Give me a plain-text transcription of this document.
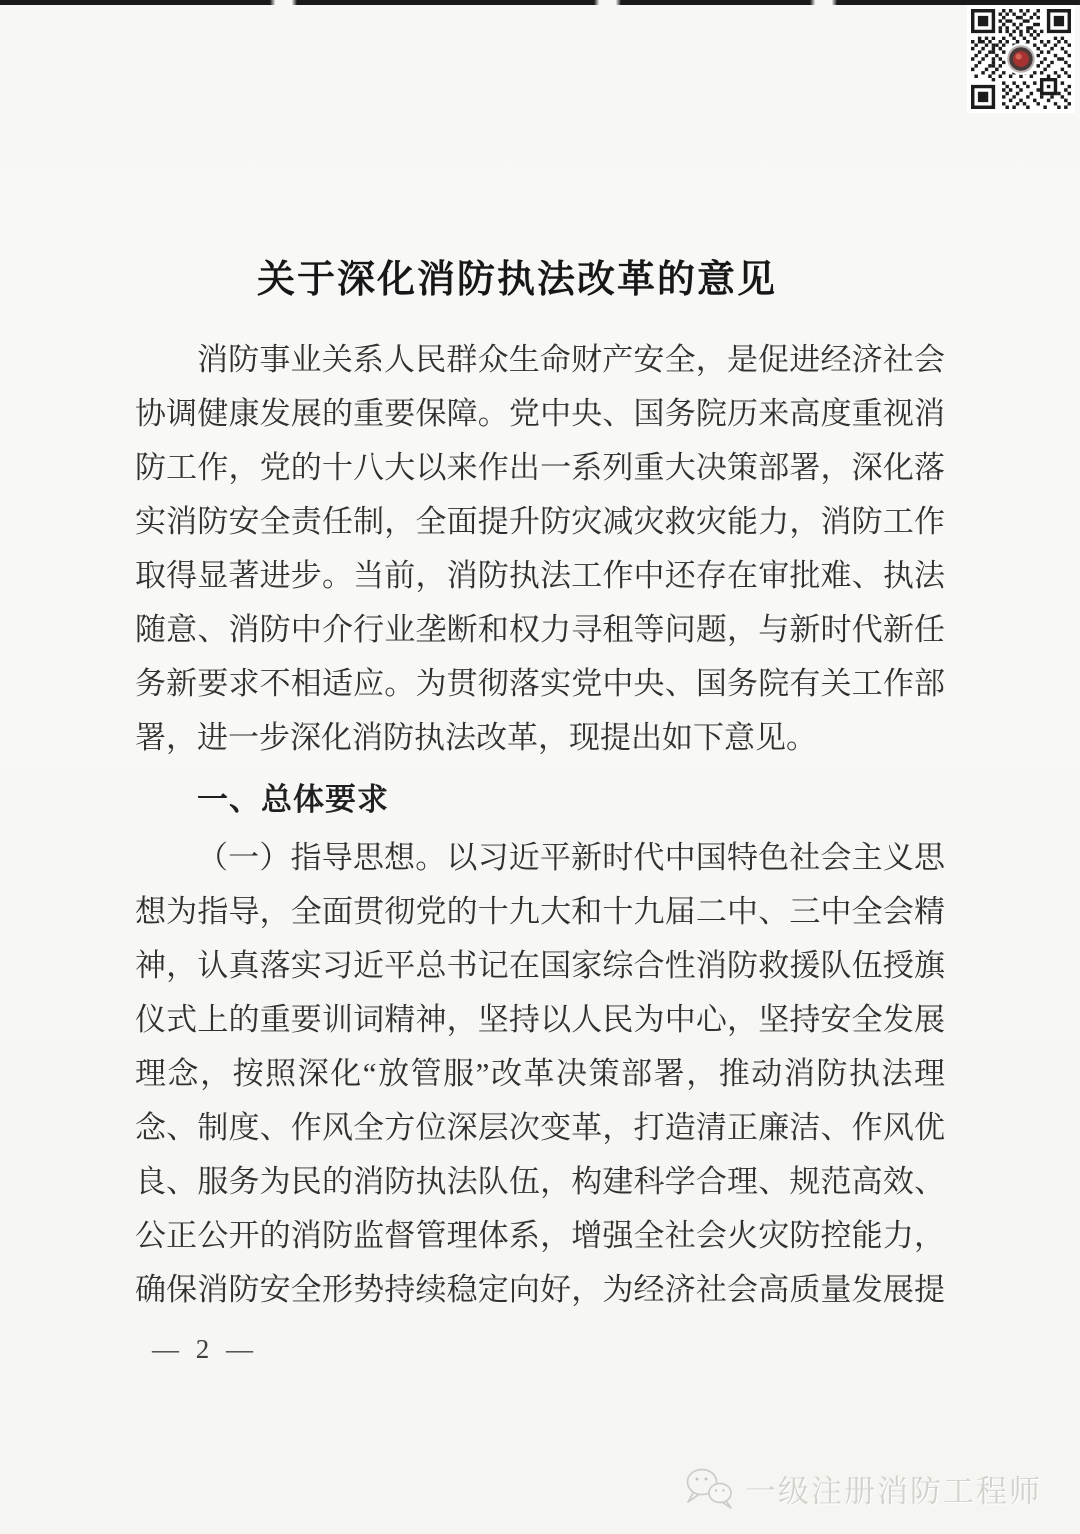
关于深化消防执法改革的意见

消防事业关系人民群众生命财产安全，是促进经济社会

协调健康发展的重要保障。党中央、国务院历来高度重视消

防工作，党的十八大以来作出一系列重大决策部署，深化落

实消防安全责任制，全面提升防灾减灾救灾能力，消防工作

取得显著进步。当前，消防执法工作中还存在审批难、执法

随意、消防中介行业垄断和权力寻租等问题，与新时代新任

务新要求不相适应。为贯彻落实党中央、国务院有关工作部

署，进一步深化消防执法改革，现提出如下意见。

一、总体要求

（一）指导思想。以习近平新时代中国特色社会主义思

想为指导，全面贯彻党的十九大和十九届二中、三中全会精

神，认真落实习近平总书记在国家综合性消防救援队伍授旗

仪式上的重要训词精神，坚持以人民为中心，坚持安全发展

理念，按照深化“放管服”改革决策部署，推动消防执法理

念、制度、作风全方位深层次变革，打造清正廉洁、作风优

良、服务为民的消防执法队伍，构建科学合理、规范高效、

公正公开的消防监督管理体系，增强全社会火灾防控能力，

确保消防安全形势持续稳定向好，为经济社会高质量发展提

— 2 —
一级注册消防工程师
